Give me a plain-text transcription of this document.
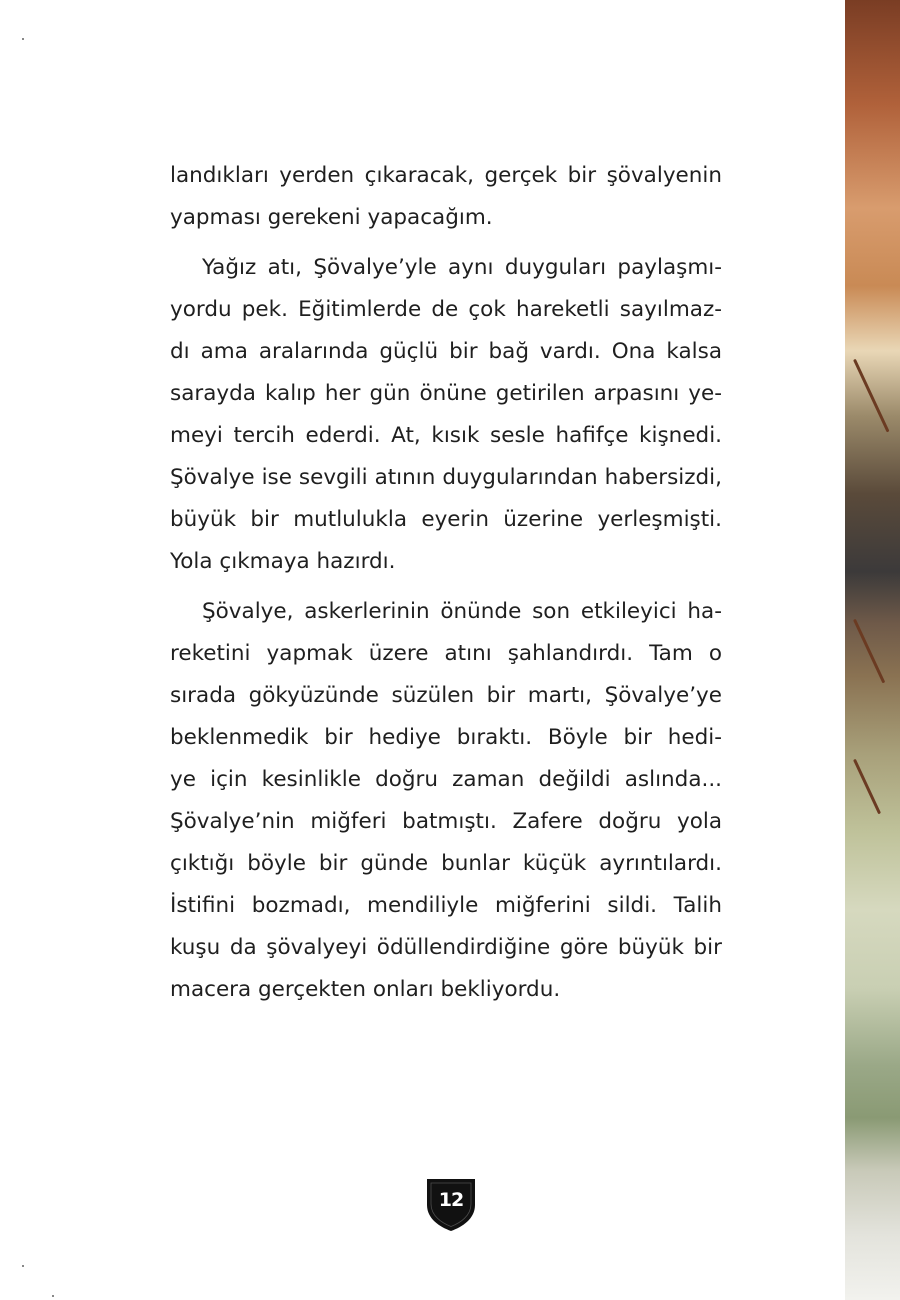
landıkları yerden çıkaracak, gerçek bir şövalyenin
yapması gerekeni yapacağım.
Yağız atı, Şövalye’yle aynı duyguları paylaşmı-
yordu pek. Eğitimlerde de çok hareketli sayılmaz-
dı ama aralarında güçlü bir bağ vardı. Ona kalsa
sarayda kalıp her gün önüne getirilen arpasını ye-
meyi tercih ederdi. At, kısık sesle hafifçe kişnedi.
Şövalye ise sevgili atının duygularından habersizdi,
büyük bir mutlulukla eyerin üzerine yerleşmişti.
Yola çıkmaya hazırdı.
Şövalye, askerlerinin önünde son etkileyici ha-
reketini yapmak üzere atını şahlandırdı. Tam o
sırada gökyüzünde süzülen bir martı, Şövalye’ye
beklenmedik bir hediye bıraktı. Böyle bir hedi-
ye için kesinlikle doğru zaman değildi aslında...
Şövalye’nin miğferi batmıştı. Zafere doğru yola
çıktığı böyle bir günde bunlar küçük ayrıntılardı.
İstifini bozmadı, mendiliyle miğferini sildi. Talih
kuşu da şövalyeyi ödüllendirdiğine göre büyük bir
macera gerçekten onları bekliyordu.
12
